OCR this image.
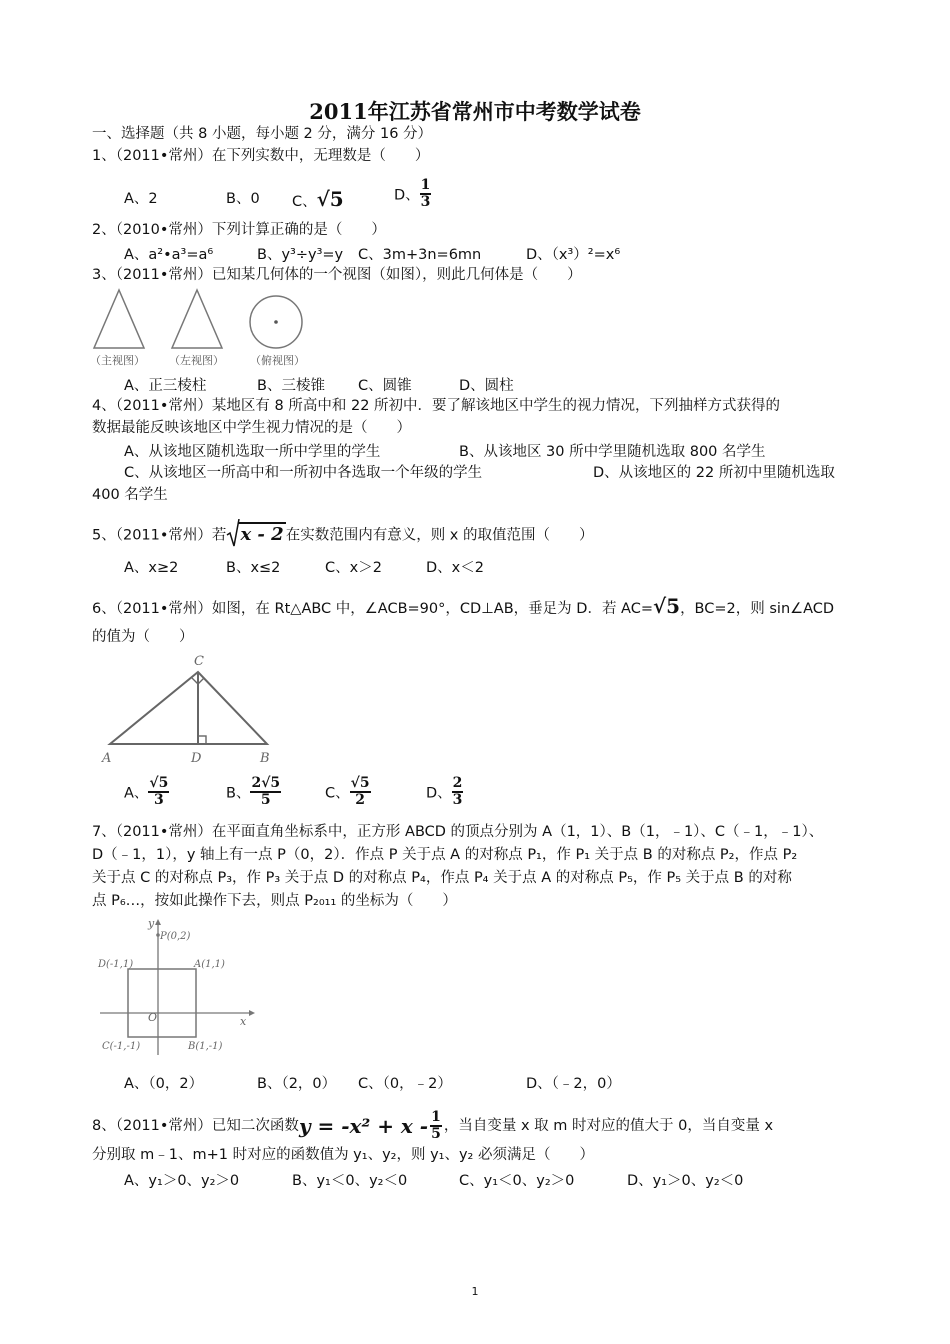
2011年江苏省常州市中考数学试卷
一、选择题（共 8 小题，每小题 2 分，满分 16 分）
1、（2011•常州）在下列实数中，无理数是（　　）
A、2	B、0 C、√5	D、 $\frac{1}{3}$
2、（2010•常州）下列计算正确的是（　　）
A、a²•a³=a⁶	B、y³÷y³=y C、3m+3n=6mn	D、（x³）²=x⁶
3、（2011•常州）已知某几何体的一个视图（如图），则此几何体是（　　）
（主视图） （左视图） （俯视图）
A、正三棱柱	B、三棱锥 C、圆锥	D、圆柱
4、（2011•常州）某地区有 8 所高中和 22 所初中．要了解该地区中学生的视力情况，下列抽样方式获得的
数据最能反映该地区中学生视力情况的是（　　）
A、从该地区随机选取一所中学里的学生	B、从该地区 30 所中学里随机选取 800 名学生
C、从该地区一所高中和一所初中各选取一个年级的学生	D、从该地区的 22 所初中里随机选取
400 名学生
5、（2011•常州）若 x - 2 在实数范围内有意义，则 x 的取值范围（　　）
A、x≥2	B、x≤2	C、x＞2	D、x＜2
6、（2011•常州）如图，在 Rt△ABC 中，∠ACB=90°，CD⊥AB，垂足为 D．若 AC=√5，BC=2，则 sin∠ACD
的值为（　　）
C
A	D	B
A、 $\frac{√5}{3}$	B、 $\frac{2√5}{5}$	C、 $\frac{√5}{2}$	D、 $\frac{2}{3}$
7、（2011•常州）在平面直角坐标系中，正方形 ABCD 的顶点分别为 A（1，1）、B（1，﹣1）、C（﹣1，﹣1）、
D（﹣1，1），y 轴上有一点 P（0，2）．作点 P 关于点 A 的对称点 P₁，作 P₁ 关于点 B 的对称点 P₂，作点 P₂
关于点 C 的对称点 P₃，作 P₃ 关于点 D 的对称点 P₄，作点 P₄ 关于点 A 的对称点 P₅，作 P₅ 关于点 B 的对称
点 P₆…，按如此操作下去，则点 P₂₀₁₁ 的坐标为（　　）
y
x
O
P(0,2)
D(-1,1)	A(1,1)
C(-1,-1)	B(1,-1)
A、（0，2）	B、（2，0） C、（0，﹣2）	D、（﹣2，0）
8、（2011•常州）已知二次函数$y = -x^2 + x - \frac{1}{5}$ ，当自变量 x 取 m 时对应的值大于 0，当自变量 x
分别取 m﹣1、m+1 时对应的函数值为 y₁、y₂，则 y₁、y₂ 必须满足（　　）
A、y₁＞0、y₂＞0	B、y₁＜0、y₂＜0	C、y₁＜0、y₂＞0	D、y₁＞0、y₂＜0
1
